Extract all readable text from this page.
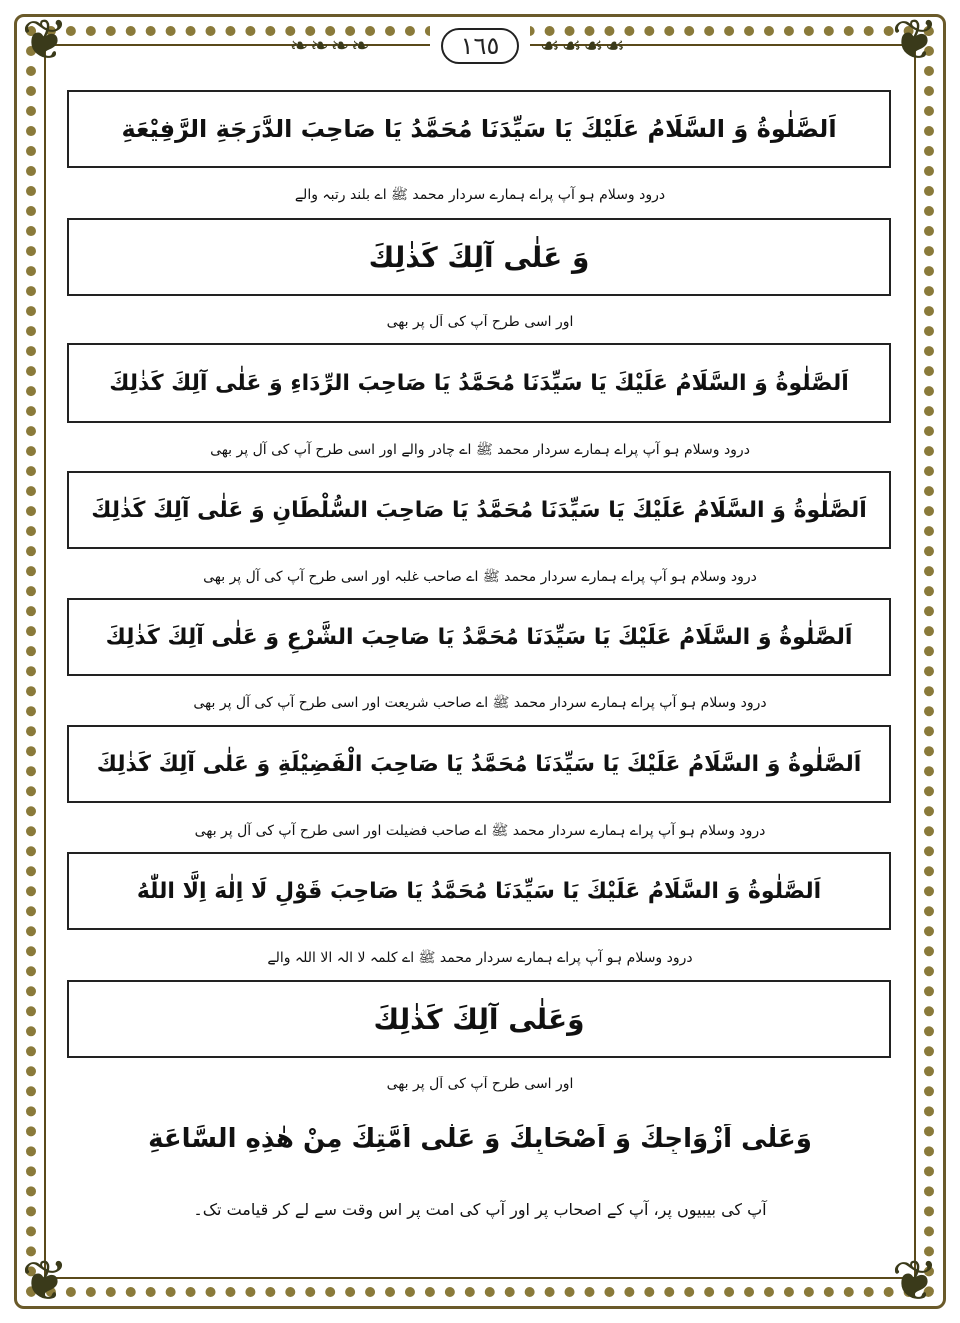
❦	❦
❦	❦
❧❧❧❧	☙☙☙☙
١٦٥
اَلصَّلٰوةُ وَ السَّلَامُ عَلَيْكَ يَا سَيِّدَنَا مُحَمَّدُ يَا صَاحِبَ الدَّرَجَةِ الرَّفِيْعَةِ
درود وسلام ہو آپ پراے ہمارے سردار محمد ﷺ اے بلند رتبہ والے
وَ عَلٰى آلِكَ كَذٰلِكَ
اور اسی طرح آپ کی آل پر بھی
اَلصَّلٰوةُ وَ السَّلَامُ عَلَيْكَ يَا سَيِّدَنَا مُحَمَّدُ يَا صَاحِبَ الرِّدَاءِ وَ عَلٰى آلِكَ كَذٰلِكَ
درود وسلام ہو آپ پراے ہمارے سردار محمد ﷺ اے چادر والے اور اسی طرح آپ کی آل پر بھی
اَلصَّلٰوةُ وَ السَّلَامُ عَلَيْكَ يَا سَيِّدَنَا مُحَمَّدُ يَا صَاحِبَ السُّلْطَانِ وَ عَلٰى آلِكَ كَذٰلِكَ
درود وسلام ہو آپ پراے ہمارے سردار محمد ﷺ اے صاحب غلبہ اور اسی طرح آپ کی آل پر بھی
اَلصَّلٰوةُ وَ السَّلَامُ عَلَيْكَ يَا سَيِّدَنَا مُحَمَّدُ يَا صَاحِبَ الشَّرْعِ وَ عَلٰى آلِكَ كَذٰلِكَ
درود وسلام ہو آپ پراے ہمارے سردار محمد ﷺ اے صاحب شریعت اور اسی طرح آپ کی آل پر بھی
اَلصَّلٰوةُ وَ السَّلَامُ عَلَيْكَ يَا سَيِّدَنَا مُحَمَّدُ يَا صَاحِبَ الْفَضِيْلَةِ وَ عَلٰى آلِكَ كَذٰلِكَ
درود وسلام ہو آپ پراے ہمارے سردار محمد ﷺ اے صاحب فضیلت اور اسی طرح آپ کی آل پر بھی
اَلصَّلٰوةُ وَ السَّلَامُ عَلَيْكَ يَا سَيِّدَنَا مُحَمَّدُ يَا صَاحِبَ قَوْلِ لَا اِلٰهَ اِلَّا اللّٰهُ
درود وسلام ہو آپ پراے ہمارے سردار محمد ﷺ اے کلمہ لا الہ الا اللہ والے
وَعَلٰى آلِكَ كَذٰلِكَ
اور اسی طرح آپ کی آل پر بھی
وَعَلٰى اَزْوَاجِكَ وَ اَصْحَابِكَ وَ عَلٰى اُمَّتِكَ مِنْ هٰذِهِ السَّاعَةِ
آپ کی بیبیوں پر، آپ کے اصحاب پر اور آپ کی امت پر اس وقت سے لے کر قیامت تک۔
